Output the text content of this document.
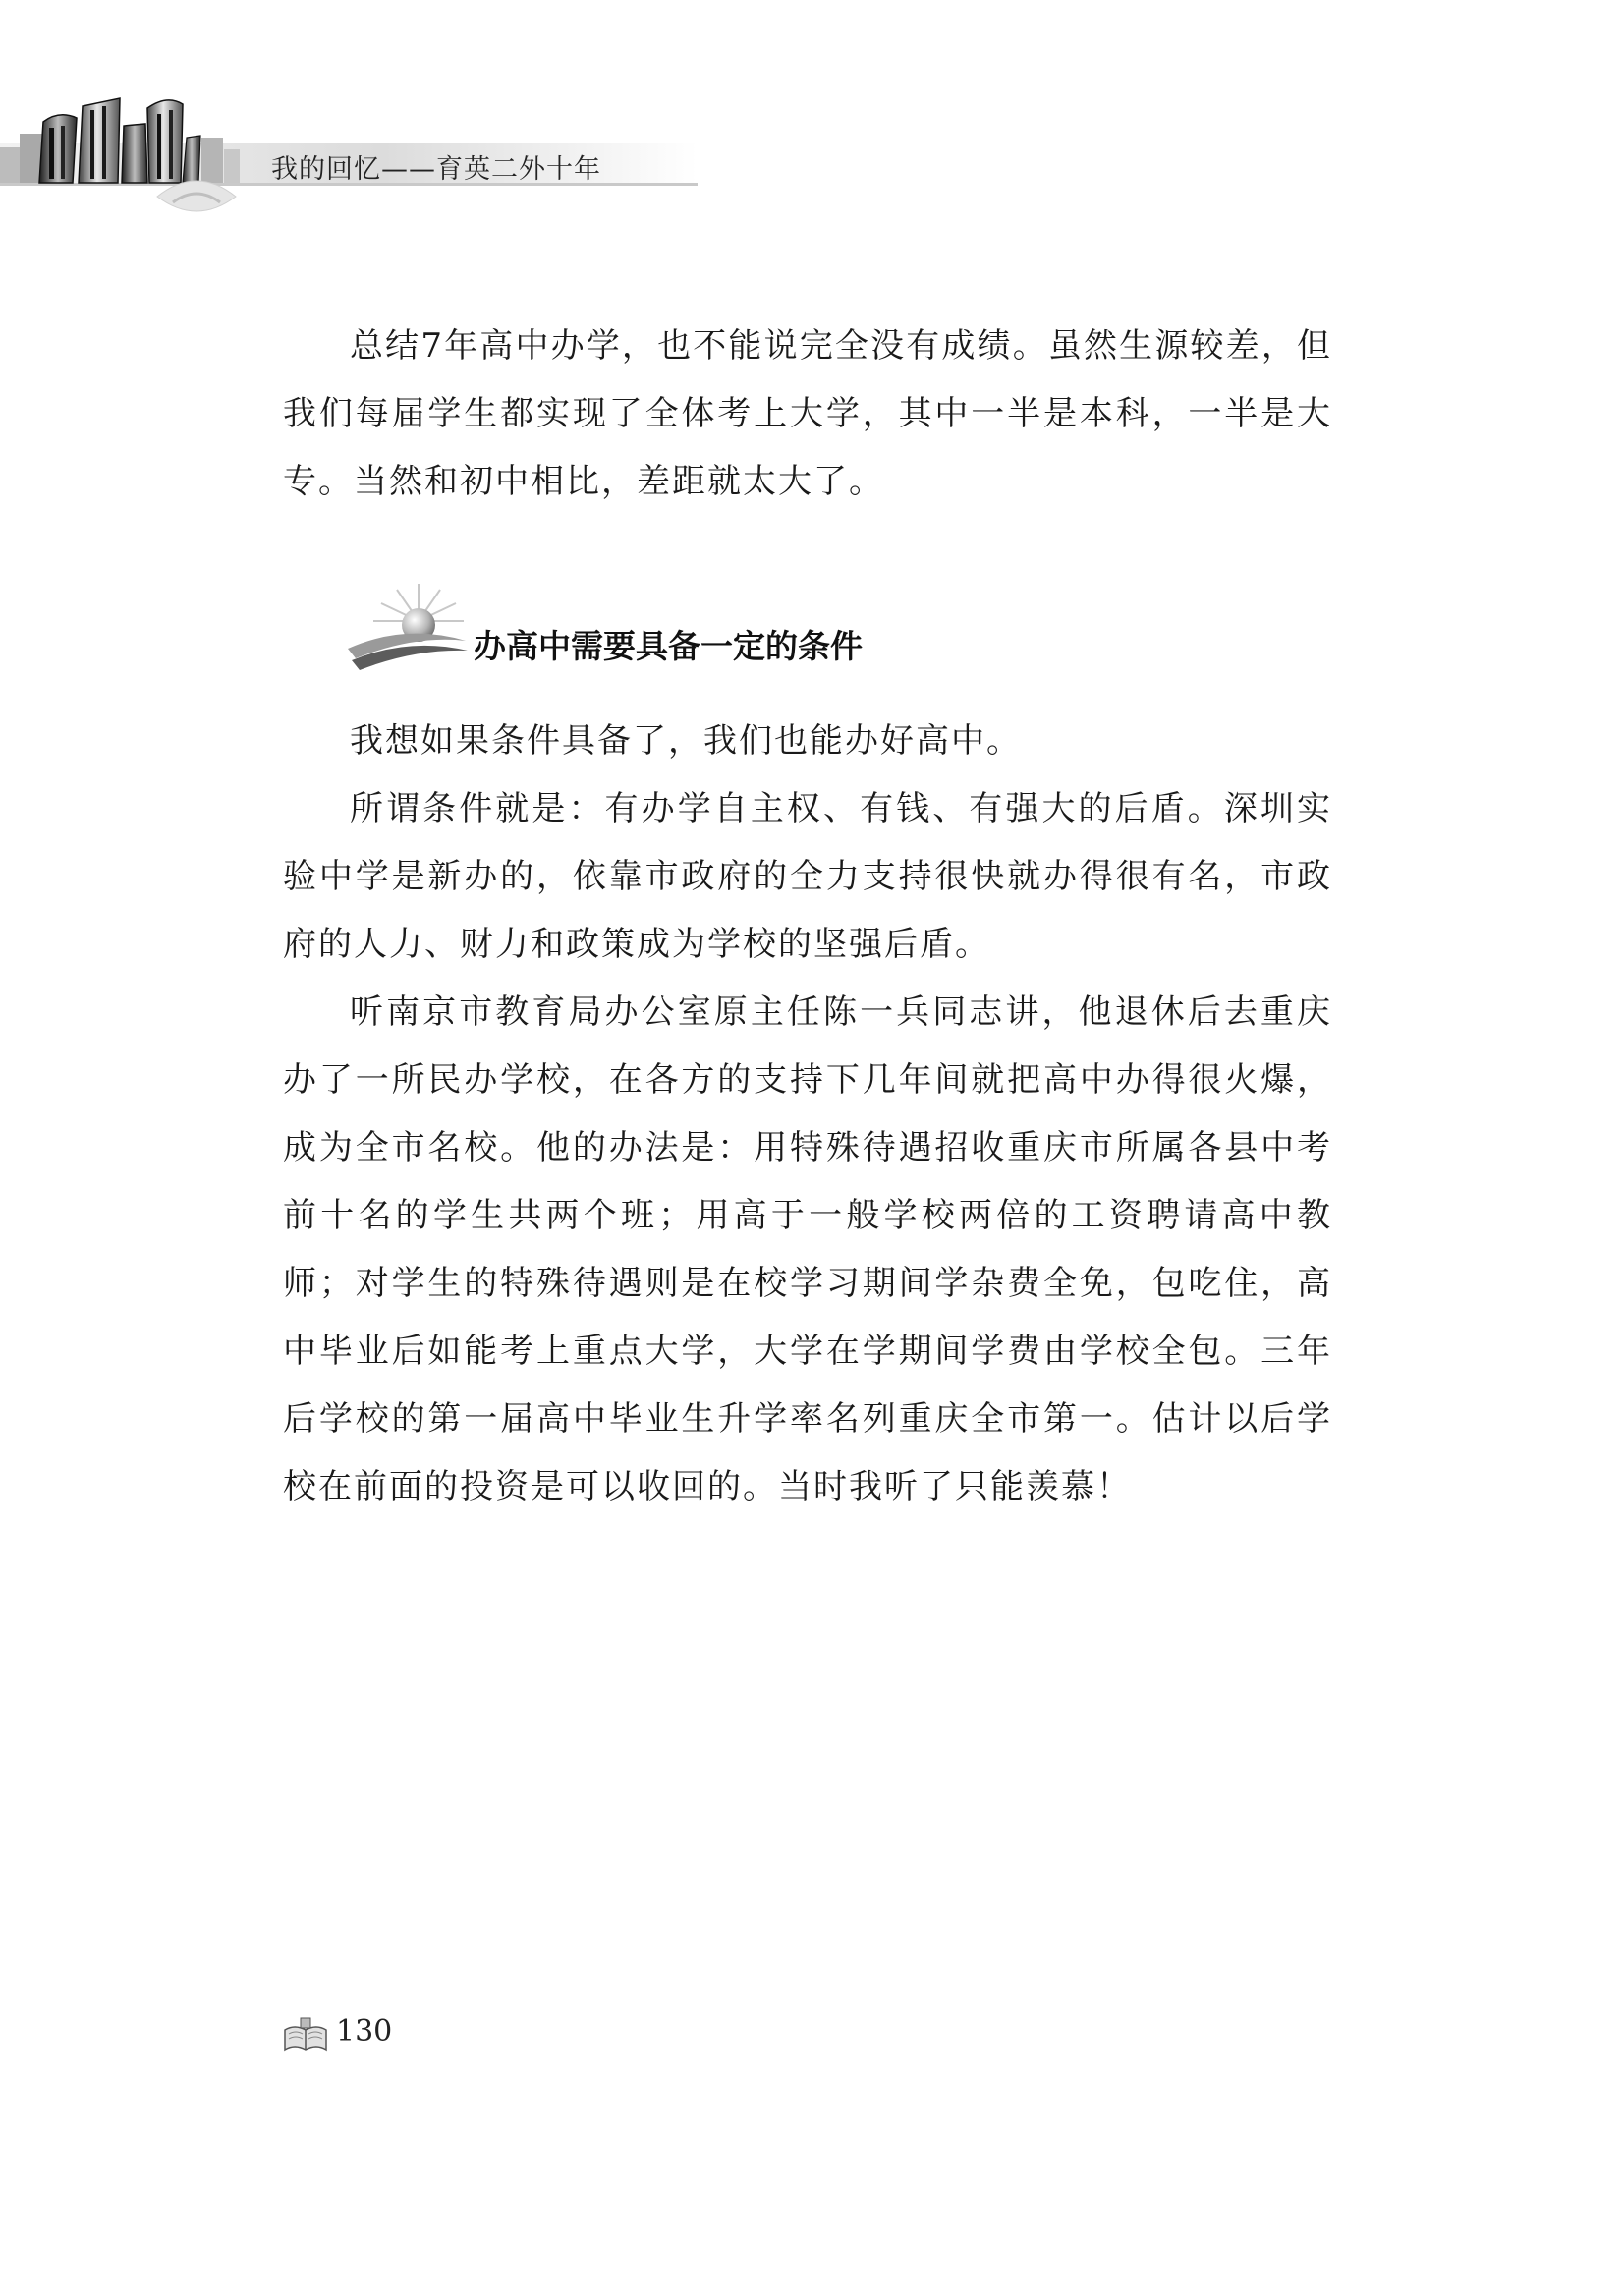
我的回忆——育英二外十年

总结7年高中办学，也不能说完全没有成绩。虽然生源较差，但我们每届学生都实现了全体考上大学，其中一半是本科，一半是大专。当然和初中相比，差距就太大了。

办高中需要具备一定的条件

我想如果条件具备了，我们也能办好高中。

所谓条件就是：有办学自主权、有钱、有强大的后盾。深圳实验中学是新办的，依靠市政府的全力支持很快就办得很有名，市政府的人力、财力和政策成为学校的坚强后盾。

听南京市教育局办公室原主任陈一兵同志讲，他退休后去重庆办了一所民办学校，在各方的支持下几年间就把高中办得很火爆，成为全市名校。他的办法是：用特殊待遇招收重庆市所属各县中考前十名的学生共两个班；用高于一般学校两倍的工资聘请高中教师；对学生的特殊待遇则是在校学习期间学杂费全免，包吃住，高中毕业后如能考上重点大学，大学在学期间学费由学校全包。三年后学校的第一届高中毕业生升学率名列重庆全市第一。估计以后学校在前面的投资是可以收回的。当时我听了只能羡慕！

130
